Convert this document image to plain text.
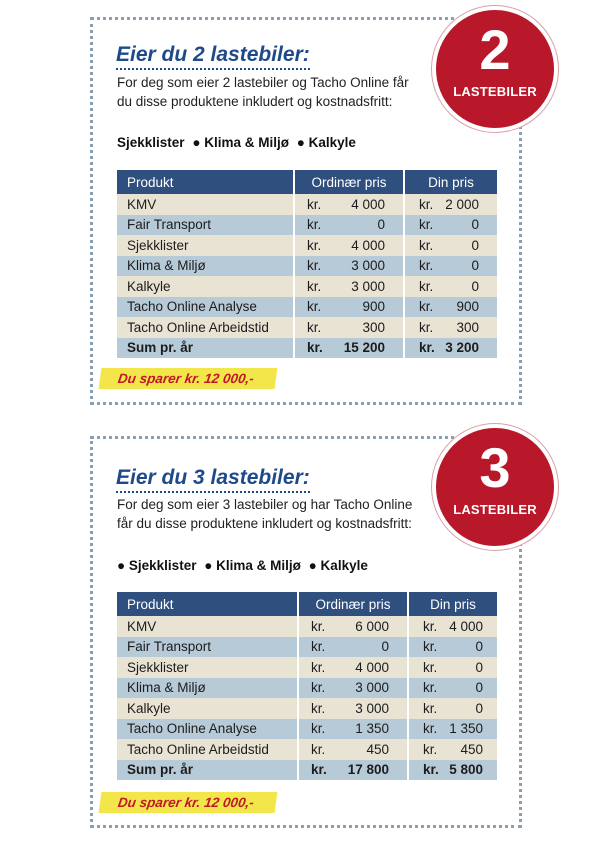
2
LASTEBILER
Eier du 2 lastebiler:
For deg som eier 2 lastebiler og Tacho Online får du disse produktene inkludert og kostnadsfritt:
Sjekklister ● Klima & Miljø ● Kalkyle
Produkt	Ordinær pris	Din pris
KMV	kr. 4 000	kr. 2 000
Fair Transport	kr. 0	kr. 0
Sjekklister	kr. 4 000	kr. 0
Klima & Miljø	kr. 3 000	kr. 0
Kalkyle	kr. 3 000	kr. 0
Tacho Online Analyse	kr. 900	kr. 900
Tacho Online Arbeidstid	kr. 300	kr. 300
Sum pr. år	kr. 15 200	kr. 3 200
Du sparer kr. 12 000,-
3
LASTEBILER
Eier du 3 lastebiler:
For deg som eier 3 lastebiler og har Tacho Online får du disse produktene inkludert og kostnadsfritt:
● Sjekklister ● Klima & Miljø ● Kalkyle
Produkt	Ordinær pris	Din pris
KMV	kr. 6 000	kr. 4 000
Fair Transport	kr. 0	kr. 0
Sjekklister	kr. 4 000	kr. 0
Klima & Miljø	kr. 3 000	kr. 0
Kalkyle	kr. 3 000	kr. 0
Tacho Online Analyse	kr. 1 350	kr. 1 350
Tacho Online Arbeidstid	kr. 450	kr. 450
Sum pr. år	kr. 17 800	kr. 5 800
Du sparer kr. 12 000,-
